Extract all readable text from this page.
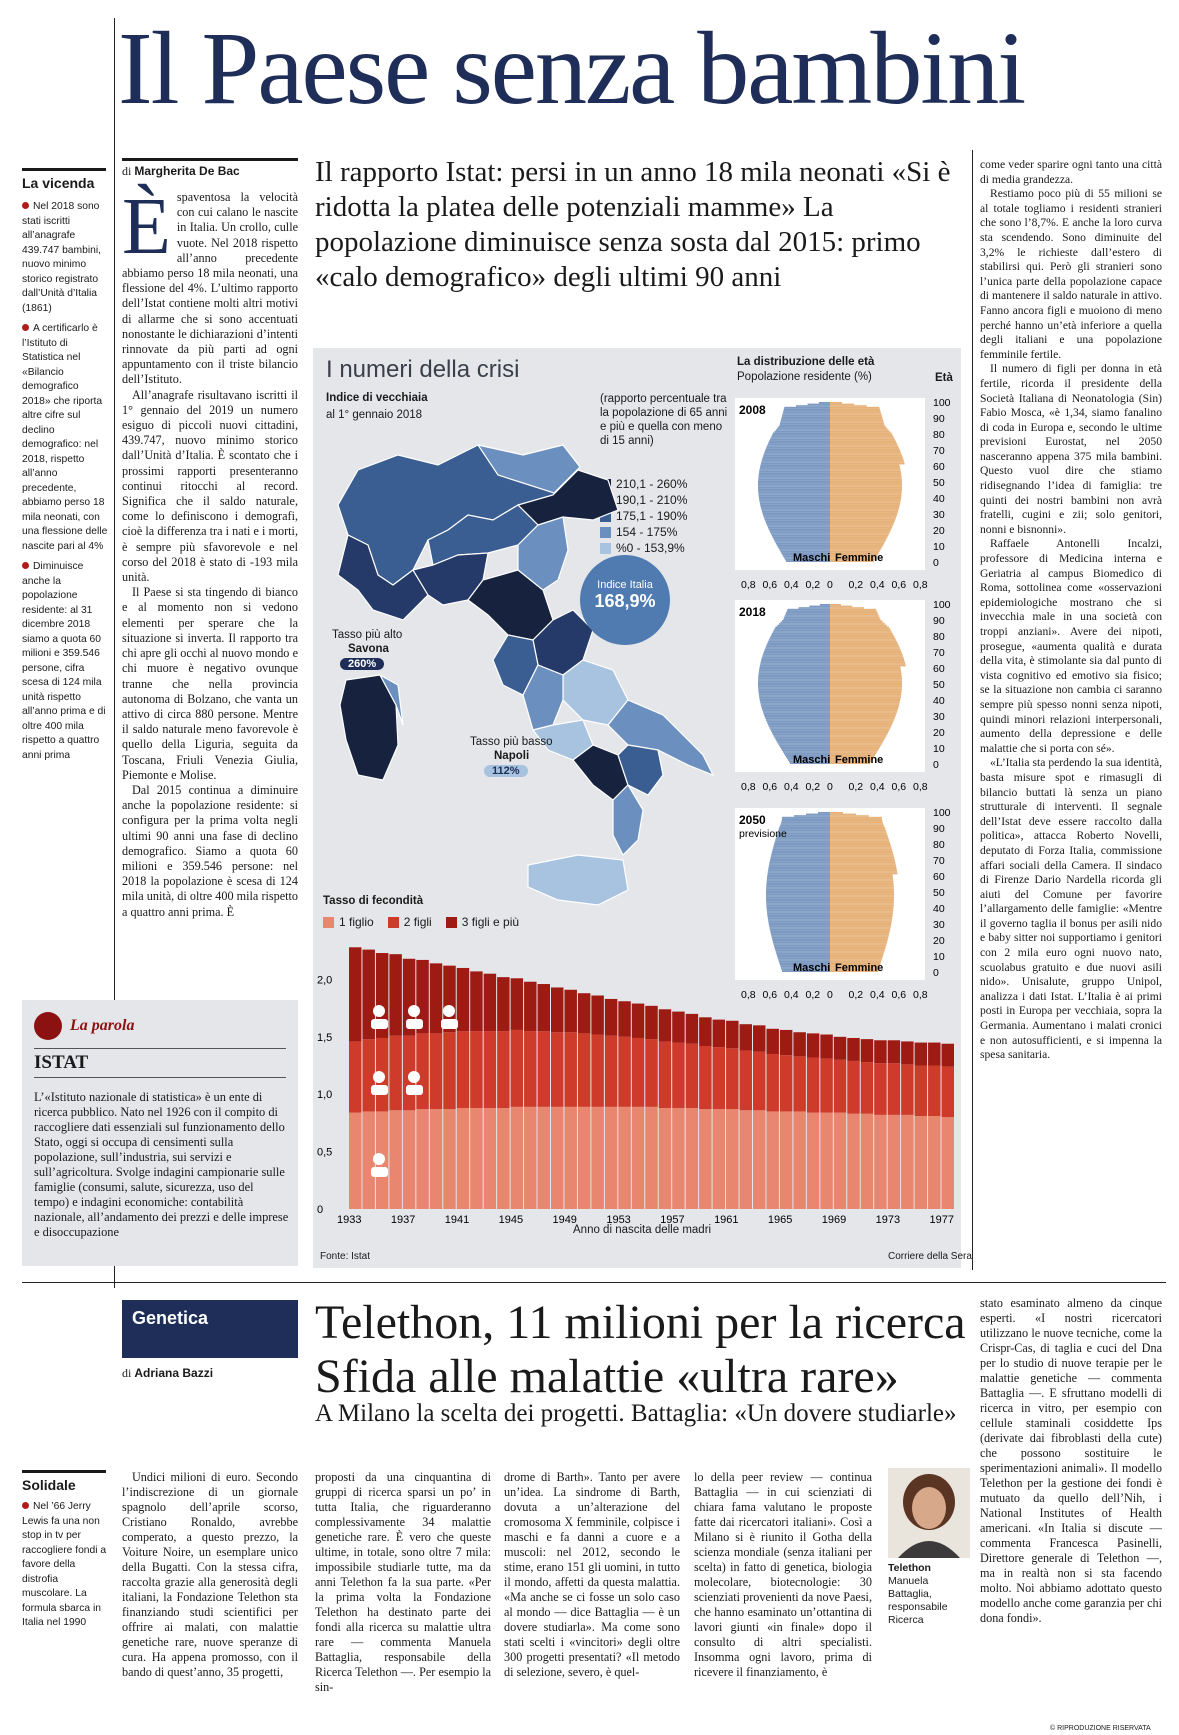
Il Paese senza bambini
La vicenda

Nel 2018 sono stati iscritti all’anagrafe 439.747 bambini, nuovo minimo storico registrato dall’Unità d’Italia (1861)

A certificarlo è l’Istituto di Statistica nel «Bilancio demografico 2018» che riporta altre cifre sul declino demografico: nel 2018, rispetto all’anno precedente, abbiamo perso 18 mila neonati, con una flessione delle nascite pari al 4%

Diminuisce anche la popolazione residente: al 31 dicembre 2018 siamo a quota 60 milioni e 359.546 persone, cifra scesa di 124 mila unità rispetto all’anno prima e di oltre 400 mila rispetto a quattro anni prima

di Margherita De Bac
È spaventosa la velocità con cui calano le nascite in Italia. Un crollo, culle vuote. Nel 2018 rispetto all’anno precedente abbiamo perso 18 mila neonati, una flessione del 4%. L’ultimo rapporto dell’Istat contiene molti altri motivi di allarme che si sono accentuati nonostante le dichiarazioni d’intenti rinnovate da più parti ad ogni appuntamento con il triste bilancio dell’Istituto.

All’anagrafe risultavano iscritti il 1° gennaio del 2019 un numero esiguo di piccoli nuovi cittadini, 439.747, nuovo minimo storico dall’Unità d’Italia. È scontato che i prossimi rapporti presenteranno continui ritocchi al record. Significa che il saldo naturale, come lo definiscono i demografi, cioè la differenza tra i nati e i morti, è sempre più sfavorevole e nel corso del 2018 è stato di -193 mila unità.

Il Paese si sta tingendo di bianco e al momento non si vedono elementi per sperare che la situazione si inverta. Il rapporto tra chi apre gli occhi al nuovo mondo e chi muore è negativo ovunque tranne che nella provincia autonoma di Bolzano, che vanta un attivo di circa 880 persone. Mentre il saldo naturale meno favorevole è quello della Liguria, seguita da Toscana, Friuli Venezia Giulia, Piemonte e Molise.

Dal 2015 continua a diminuire anche la popolazione residente: si configura per la prima volta negli ultimi 90 anni una fase di declino demografico. Siamo a quota 60 milioni e 359.546 persone: nel 2018 la popolazione è scesa di 124 mila unità, di oltre 400 mila rispetto a quattro anni prima. È

Il rapporto Istat: persi in un anno 18 mila neonati «Si è ridotta la platea delle potenziali mamme» La popolazione diminuisce senza sosta dal 2015: primo «calo demografico» degli ultimi 90 anni
come veder sparire ogni tanto una città di media grandezza.

Restiamo poco più di 55 milioni se al totale togliamo i residenti stranieri che sono l’8,7%. E anche la loro curva sta scendendo. Sono diminuite del 3,2% le richieste dall’estero di stabilirsi qui. Però gli stranieri sono l’unica parte della popolazione capace di mantenere il saldo naturale in attivo. Fanno ancora figli e muoiono di meno perché hanno un’età inferiore a quella degli italiani e una popolazione femminile fertile.

Il numero di figli per donna in età fertile, ricorda il presidente della Società Italiana di Neonatologia (Sin) Fabio Mosca, «è 1,34, siamo fanalino di coda in Europa e, secondo le ultime previsioni Eurostat, nel 2050 nasceranno appena 375 mila bambini. Questo vuol dire che stiamo ridisegnando l’idea di famiglia: tre quinti dei nostri bambini non avrà fratelli, cugini e zii; solo genitori, nonni e bisnonni».

Raffaele Antonelli Incalzi, professore di Medicina interna e Geriatria al campus Biomedico di Roma, sottolinea come «osservazioni epidemiologiche mostrano che si invecchia male in una società con troppi anziani». Avere dei nipoti, prosegue, «aumenta qualità e durata della vita, è stimolante sia dal punto di vista cognitivo ed emotivo sia fisico; se la situazione non cambia ci saranno sempre più spesso nonni senza nipoti, quindi minori relazioni interpersonali, aumento della depressione e delle malattie che si porta con sé».

«L’Italia sta perdendo la sua identità, basta misure spot e rimasugli di bilancio buttati là senza un piano strutturale di interventi. Il segnale dell’Istat deve essere raccolto dalla politica», attacca Roberto Novelli, deputato di Forza Italia, commissione affari sociali della Camera. Il sindaco di Firenze Dario Nardella ricorda gli aiuti del Comune per favorire l’allargamento delle famiglie: «Mentre il governo taglia il bonus per asili nido e baby sitter noi supportiamo i genitori con 2 mila euro ogni nuovo nato, scuolabus gratuito e due nuovi asili nido». Unisalute, gruppo Unipol, analizza i dati Istat. L’Italia è ai primi posti in Europa per vecchiaia, sopra la Germania. Aumentano i malati cronici e non autosufficienti, e si impenna la spesa sanitaria.

I numeri della crisi
Indice di vecchiaia
al 1° gennaio 2018
(rapporto percentuale tra la popolazione di 65 anni e più e quella con meno di 15 anni)
210,1 - 260%
190,1 - 210%
175,1 - 190%
154 - 175%
%0 - 153,9%
Indice Italia
168,9%
Tasso più alto
Savona
260%
Tasso più basso
Napoli
112%
La distribuzione delle età
Popolazione residente (%)	Età
100
90
80
70
60
50
40
30
20
10
0
0,8 0,6 0,4 0,2 0 0,2 0,4 0,6 0,8
2008
Maschi Femmine
100
90
80
70
60
50
40
30
20
10
0
0,8 0,6 0,4 0,2 0 0,2 0,4 0,6 0,8
2018
Maschi Femmine
100
90
80
70
60
50
40
30
20
10
0
0,8 0,6 0,4 0,2 0 0,2 0,4 0,6 0,8
2050
previsione
Maschi Femmine
Tasso di fecondità
1 figlio	2 figli	3 figli e più
0
0,5
1,0
1,5
2,0
1933	1937	1941	1945	1949	1953	1957	1961	1965	1969	1973	1977
Anno di nascita delle madri
Fonte: Istat	Corriere della Sera
La parola
ISTAT
L’«Istituto nazionale di statistica» è un ente di ricerca pubblico. Nato nel 1926 con il compito di raccogliere dati essenziali sul funzionamento dello Stato, oggi si occupa di censimenti sulla popolazione, sull’industria, sui servizi e sull’agricoltura. Svolge indagini campionarie sulle famiglie (consumi, salute, sicurezza, uso del tempo) e indagini economiche: contabilità nazionale, all’andamento dei prezzi e delle imprese e disoccupazione
Genetica
di Adriana Bazzi
Telethon, 11 milioni per la ricerca
Sfida alle malattie «ultra rare»
A Milano la scelta dei progetti. Battaglia: «Un dovere studiarle»
Solidale
Nel ’66 Jerry Lewis fa una non stop in tv per raccogliere fondi a favore della distrofia muscolare. La formula sbarca in Italia nel 1990

Undici milioni di euro. Secondo l’indiscrezione di un giornale spagnolo dell’aprile scorso, Cristiano Ronaldo, avrebbe comperato, a questo prezzo, la Voiture Noire, un esemplare unico della Bugatti. Con la stessa cifra, raccolta grazie alla generosità degli italiani, la Fondazione Telethon sta finanziando studi scientifici per offrire ai malati, con malattie genetiche rare, nuove speranze di cura. Ha appena promosso, con il bando di quest’anno, 35 progetti,

proposti da una cinquantina di gruppi di ricerca sparsi un po’ in tutta Italia, che riguarderanno complessivamente 34 malattie genetiche rare. È vero che queste ultime, in totale, sono oltre 7 mila: impossibile studiarle tutte, ma da anni Telethon fa la sua parte. «Per la prima volta la Fondazione Telethon ha destinato parte dei fondi alla ricerca su malattie ultra rare — commenta Manuela Battaglia, responsabile della Ricerca Telethon —. Per esempio la sin-
drome di Barth». Tanto per avere un’idea. La sindrome di Barth, dovuta a un’alterazione del cromosoma X femminile, colpisce i maschi e fa danni a cuore e a muscoli: nel 2012, secondo le stime, erano 151 gli uomini, in tutto il mondo, affetti da questa malattia. «Ma anche se ci fosse un solo caso al mondo — dice Battaglia — è un dovere studiarla». Ma come sono stati scelti i «vincitori» degli oltre 300 progetti presentati? «Il metodo di selezione, severo, è quel-
lo della peer review — continua Battaglia — in cui scienziati di chiara fama valutano le proposte fatte dai ricercatori italiani». Così a Milano si è riunito il Gotha della scienza mondiale (senza italiani per scelta) in fatto di genetica, biologia molecolare, biotecnologie: 30 scienziati provenienti da nove Paesi, che hanno esaminato un’ottantina di lavori giunti «in finale» dopo il consulto di altri specialisti. Insomma ogni lavoro, prima di ricevere il finanziamento, è
Telethon
Manuela Battaglia, responsabile Ricerca
stato esaminato almeno da cinque esperti. «I nostri ricercatori utilizzano le nuove tecniche, come la Crispr-Cas, di taglia e cuci del Dna per lo studio di nuove terapie per le malattie genetiche — commenta Battaglia —. E sfruttano modelli di ricerca in vitro, per esempio con cellule staminali cosiddette Ips (derivate dai fibroblasti della cute) che possono sostituire le sperimentazioni animali». Il modello Telethon per la gestione dei fondi è mutuato da quello dell’Nih, i National Institutes of Health americani. «In Italia si discute — commenta Francesca Pasinelli, Direttore generale di Telethon —, ma in realtà non si sta facendo molto. Noi abbiamo adottato questo modello anche come garanzia per chi dona fondi».
© RIPRODUZIONE RISERVATA
